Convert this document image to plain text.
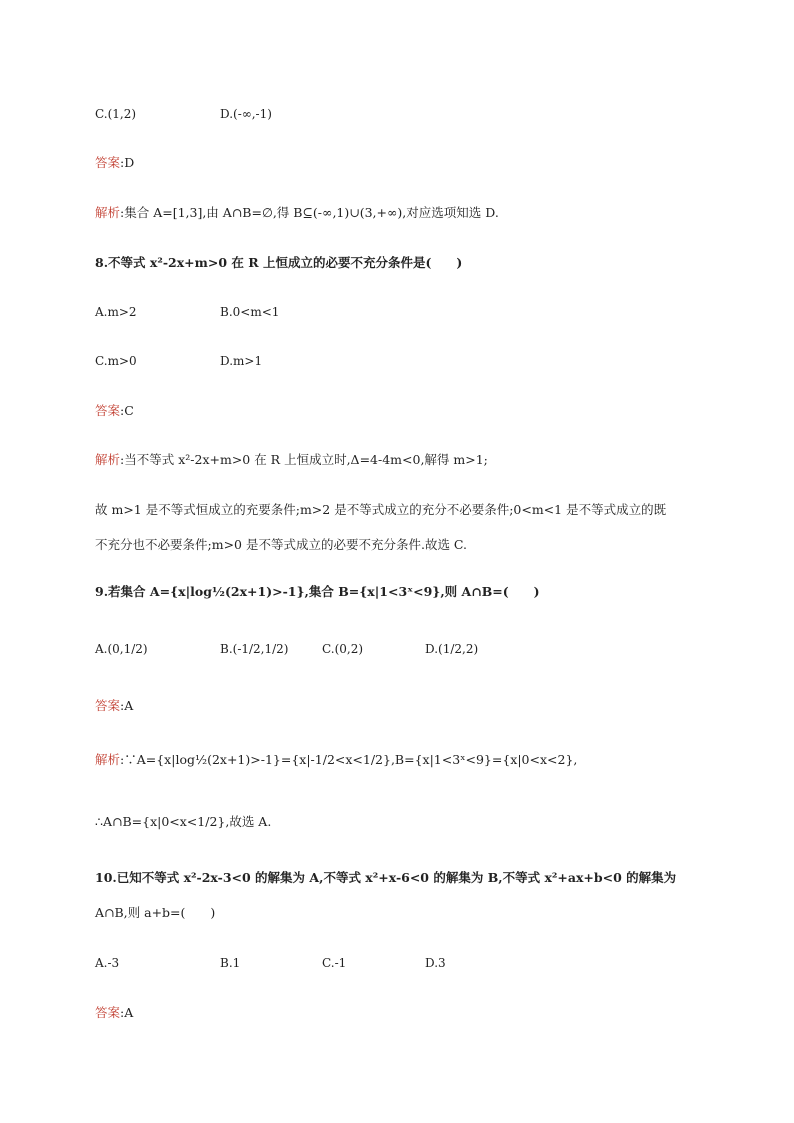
C.(1,2)	D.(-∞,-1)
答案:D
解析:集合 A=[1,3],由 A∩B=∅,得 B⊆(-∞,1)∪(3,+∞),对应选项知选 D.
8.不等式 x²-2x+m>0 在 R 上恒成立的必要不充分条件是(　　)
A.m>2	B.0<m<1
C.m>0	D.m>1
答案:C
解析:当不等式 x²-2x+m>0 在 R 上恒成立时,Δ=4-4m<0,解得 m>1;
故 m>1 是不等式恒成立的充要条件;m>2 是不等式成立的充分不必要条件;0<m<1 是不等式成立的既
不充分也不必要条件;m>0 是不等式成立的必要不充分条件.故选 C.
9.若集合 A={x|log½(2x+1)>-1},集合 B={x|1<3ˣ<9},则 A∩B=(　　)
A.(0,1/2)	B.(-1/2,1/2)	C.(0,2)	D.(1/2,2)
答案:A
解析:∵A={x|log½(2x+1)>-1}={x|-1/2<x<1/2},B={x|1<3ˣ<9}={x|0<x<2},
∴A∩B={x|0<x<1/2},故选 A.
10.已知不等式 x²-2x-3<0 的解集为 A,不等式 x²+x-6<0 的解集为 B,不等式 x²+ax+b<0 的解集为
A∩B,则 a+b=(　　)
A.-3	B.1	C.-1	D.3
答案:A
